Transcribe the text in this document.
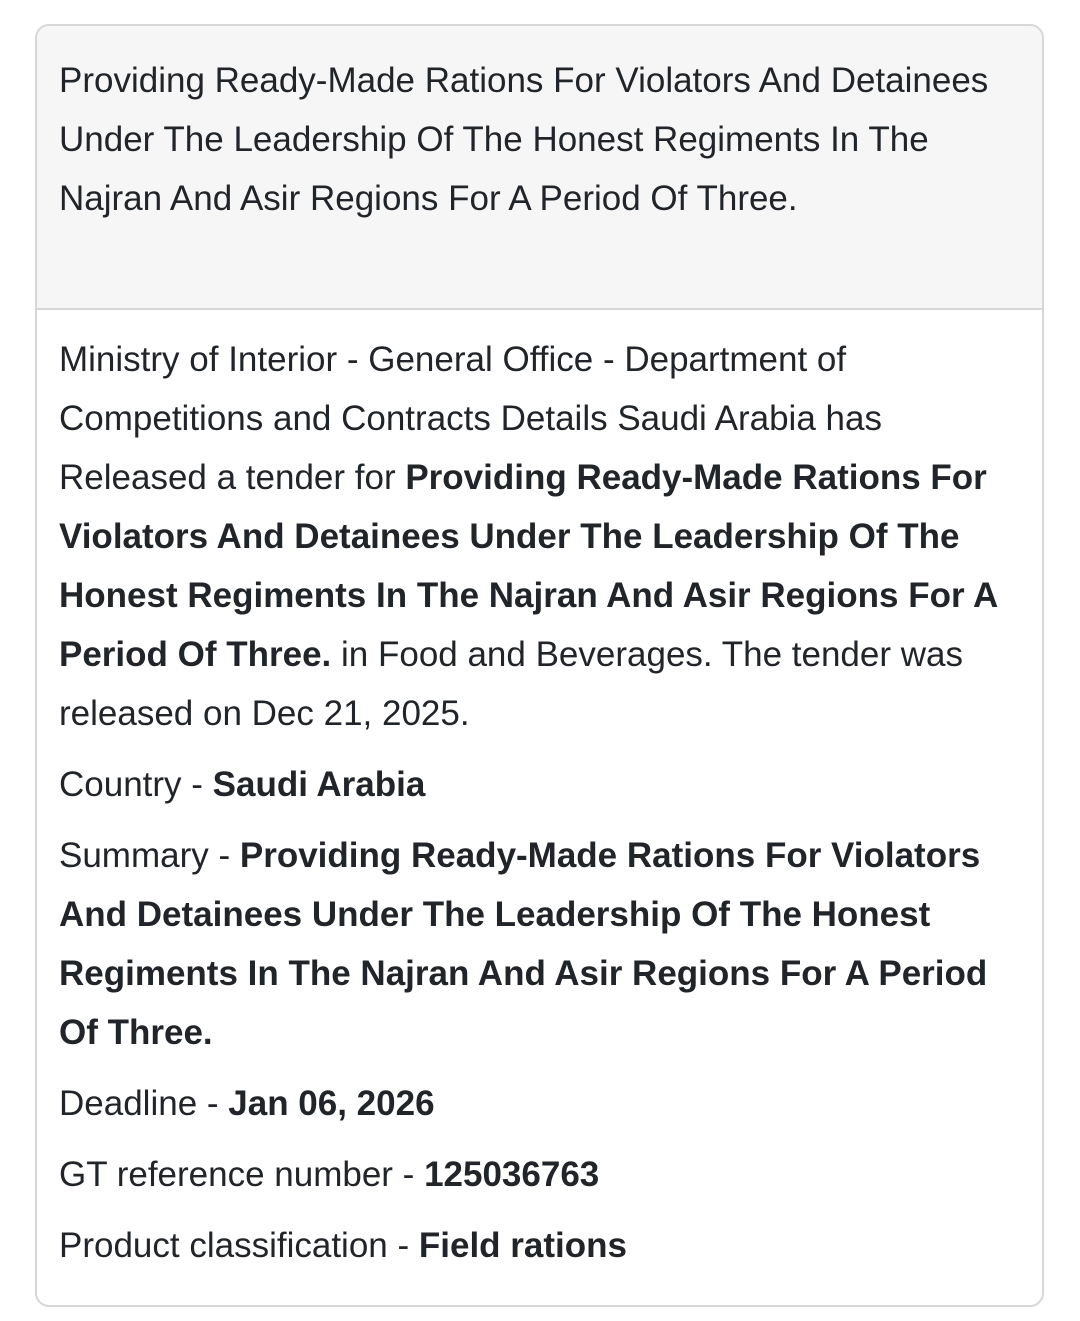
Providing Ready-Made Rations For Violators And Detainees Under The Leadership Of The Honest Regiments In The Najran And Asir Regions For A Period Of Three.

Ministry of Interior - General Office - Department of Competitions and Contracts Details Saudi Arabia has Released a tender for Providing Ready-Made Rations For Violators And Detainees Under The Leadership Of The Honest Regiments In The Najran And Asir Regions For A Period Of Three. in Food and Beverages. The tender was released on Dec 21, 2025.

Country - Saudi Arabia
Summary - Providing Ready-Made Rations For Violators And Detainees Under The Leadership Of The Honest Regiments In The Najran And Asir Regions For A Period Of Three.
Deadline - Jan 06, 2026
GT reference number - 125036763
Product classification - Field rations
